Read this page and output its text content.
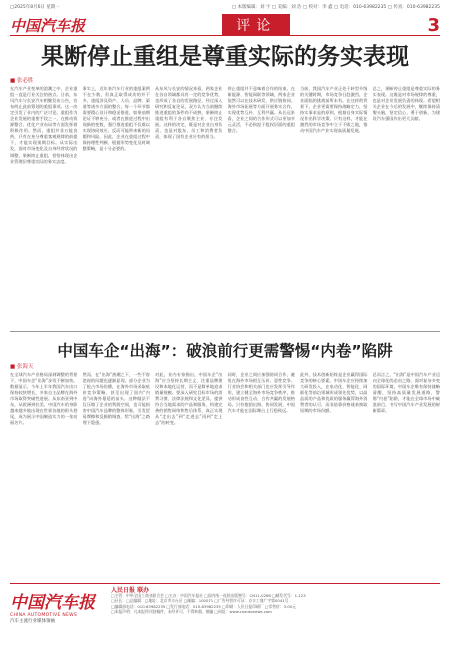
□2025年8月6日 星期一	□ 本版编辑：刘 宇 □ 美编：刘 浩 □ 校对：李 鑫 □ 电话：010-63982235 □ 传真：010-63982235
中国汽车报	评论	3
果断停止重组是尊重实际的务实表现
■ 张必胜
在汽车产业变革的浪潮之中，企业重组一直是行业关注的热点。日前，东风汽车与长安汽车相继发布公告，宣布终止此前筹划的重组事项。这一决定引发了业内的广泛讨论。重组作为企业发展的重要手段之一，在推动资源整合、优化产业布局等方面发挥着积极作用。然而，重组并非万能良药，只有在充分尊重客观规律的前提下，才能实现预期目标。从实际出发，面对市场变化及自身经营状况的调整，果断终止重组，恰恰体现出企业管理层尊重实际的务实态度。
事实上，近年来汽车行业的重组案例不在少数，但真正取得成功的并不多。重组涉及资产、人员、品牌、渠道等诸多方面的整合，每一个环节都需要精心设计和稳妥推进。如果前期论证不够充分，或者在推进过程中出现新的变数，强行推进重组不仅难以实现协同效应，反而可能带来新的问题和风险。因此，企业在重组过程中保持理性判断，根据形势变化及时调整策略，是十分必要的。
从东风与长安的情况来看，两家企业在各自领域都具有一定的竞争优势，也形成了各自的发展路径。经过深入研究和反复论证，双方认为当前继续推进重组的条件尚不成熟，果断终止重组有利于各自聚焦主业、专注发展。这样的决定，既是对企业自身负责，也是对股东、员工和消费者负责，体现了国有企业应有的担当。
停止重组并不意味着合作的结束。在新能源、智能网联等领域，两家企业依然可以在技术研发、供应链协同、海外市场拓展等方面开展务实合作，实现优势互补、互利共赢。从长远来看，企业之间的合作形式可以更加多元灵活，不必拘泥于股权层面的重组整合。
当前，我国汽车产业正处于转型升级的关键时期，市场竞争日趋激烈，企业面临的挑战前所未有。在这样的背景下，企业更需要保持战略定力，坚持实事求是的原则，根据自身实际情况作出科学决策。只有这样，才能在激烈的市场竞争中立于不败之地，推动中国汽车产业实现高质量发展。
总之，果断停止重组是尊重实际的务实表现。这既是对市场规律的尊重，也是对企业发展负责的体现。希望相关企业在今后的发展中，继续保持清醒头脑，坚定信心、勇于创新，为建设汽车强国作出更大贡献。
中国车企“出海”：破浪前行更需警惕“内卷”陷阱
■ 张海天
在全球汽车产业格局深刻调整的背景下，中国车企“出海”步伐不断加快。数据显示，今年上半年我国汽车出口保持较快增长，多家自主品牌在海外市场取得突破性进展。从东南亚到中东，从欧洲到拉美，中国汽车的身影越来越多地出现在世界各地的街头巷尾，成为展示中国制造实力的一张亮丽名片。
然而，在“出海”热潮之下，一些不容忽视的问题也逐渐显现。部分企业为了抢占市场份额，在海外市场采取低价竞争策略，甚至出现了国内“内卷”向海外蔓延的苗头。这种做法不仅压缩了企业的利润空间，也可能损害中国汽车品牌的整体形象，引发贸易摩擦和反倾销调查，给“出海”之路埋下隐患。
对此，业内专家指出，中国车企“出海”应当坚持长期主义，注重品牌建设和本地化运营，而不是简单地追求销量规模。要深入研究目标市场的消费习惯、法律法规和文化差异，提供符合当地需求的产品和服务，构建完善的销售网络和售后体系，真正实现从“走出去”到“走进去”再到“走上去”的转变。
同时，企业之间应加强协同合作，避免在海外市场相互压价、恶性竞争。行业协会和相关部门也应发挥引导作用，建立健全海外市场竞争秩序，推动形成良性互动、合作共赢的发展格局。只有抱团出海、协同发展，中国汽车才能在国际舞台上行稳致远。
此外，技术创新始终是企业赢得国际竞争的核心要素。中国车企应持续加大研发投入，在电动化、智能化、网联化等前沿领域形成领先优势，以高品质的产品和优质的服务赢得海外消费者的认可，而非依靠价格战来换取短期的市场份额。
总而言之，“出海”是中国汽车产业迈向全球化的必由之路。面对复杂多变的国际环境，中国车企唯有保持战略清醒，坚持高质量发展道路，警惕“内卷”陷阱，才能在全球市场中破浪前行，书写中国汽车产业发展的崭新篇章。
中国汽车报
CHINA AUTOMOTIVE NEWS
汽车主流行业媒体领袖
人民日报 联办
□主管：中华全国工商业联合会 □主办：中国汽车报社 □国内统一连续出版物号：CN11-0266 □邮发代号：1-123
□社长：□总编辑：□地址：北京市丰台区 □邮编：100071 □广告经营许可证：京丰工商广字第0041号
□编辑部电话：010-63982235 □发行部电话：010-63982235 □印刷：人民日报印刷厂 □零售价：3.00元
□本报声明：凡本报所刊登稿件，未经许可，不得转载、摘编 □网址：www.cnautonews.com
